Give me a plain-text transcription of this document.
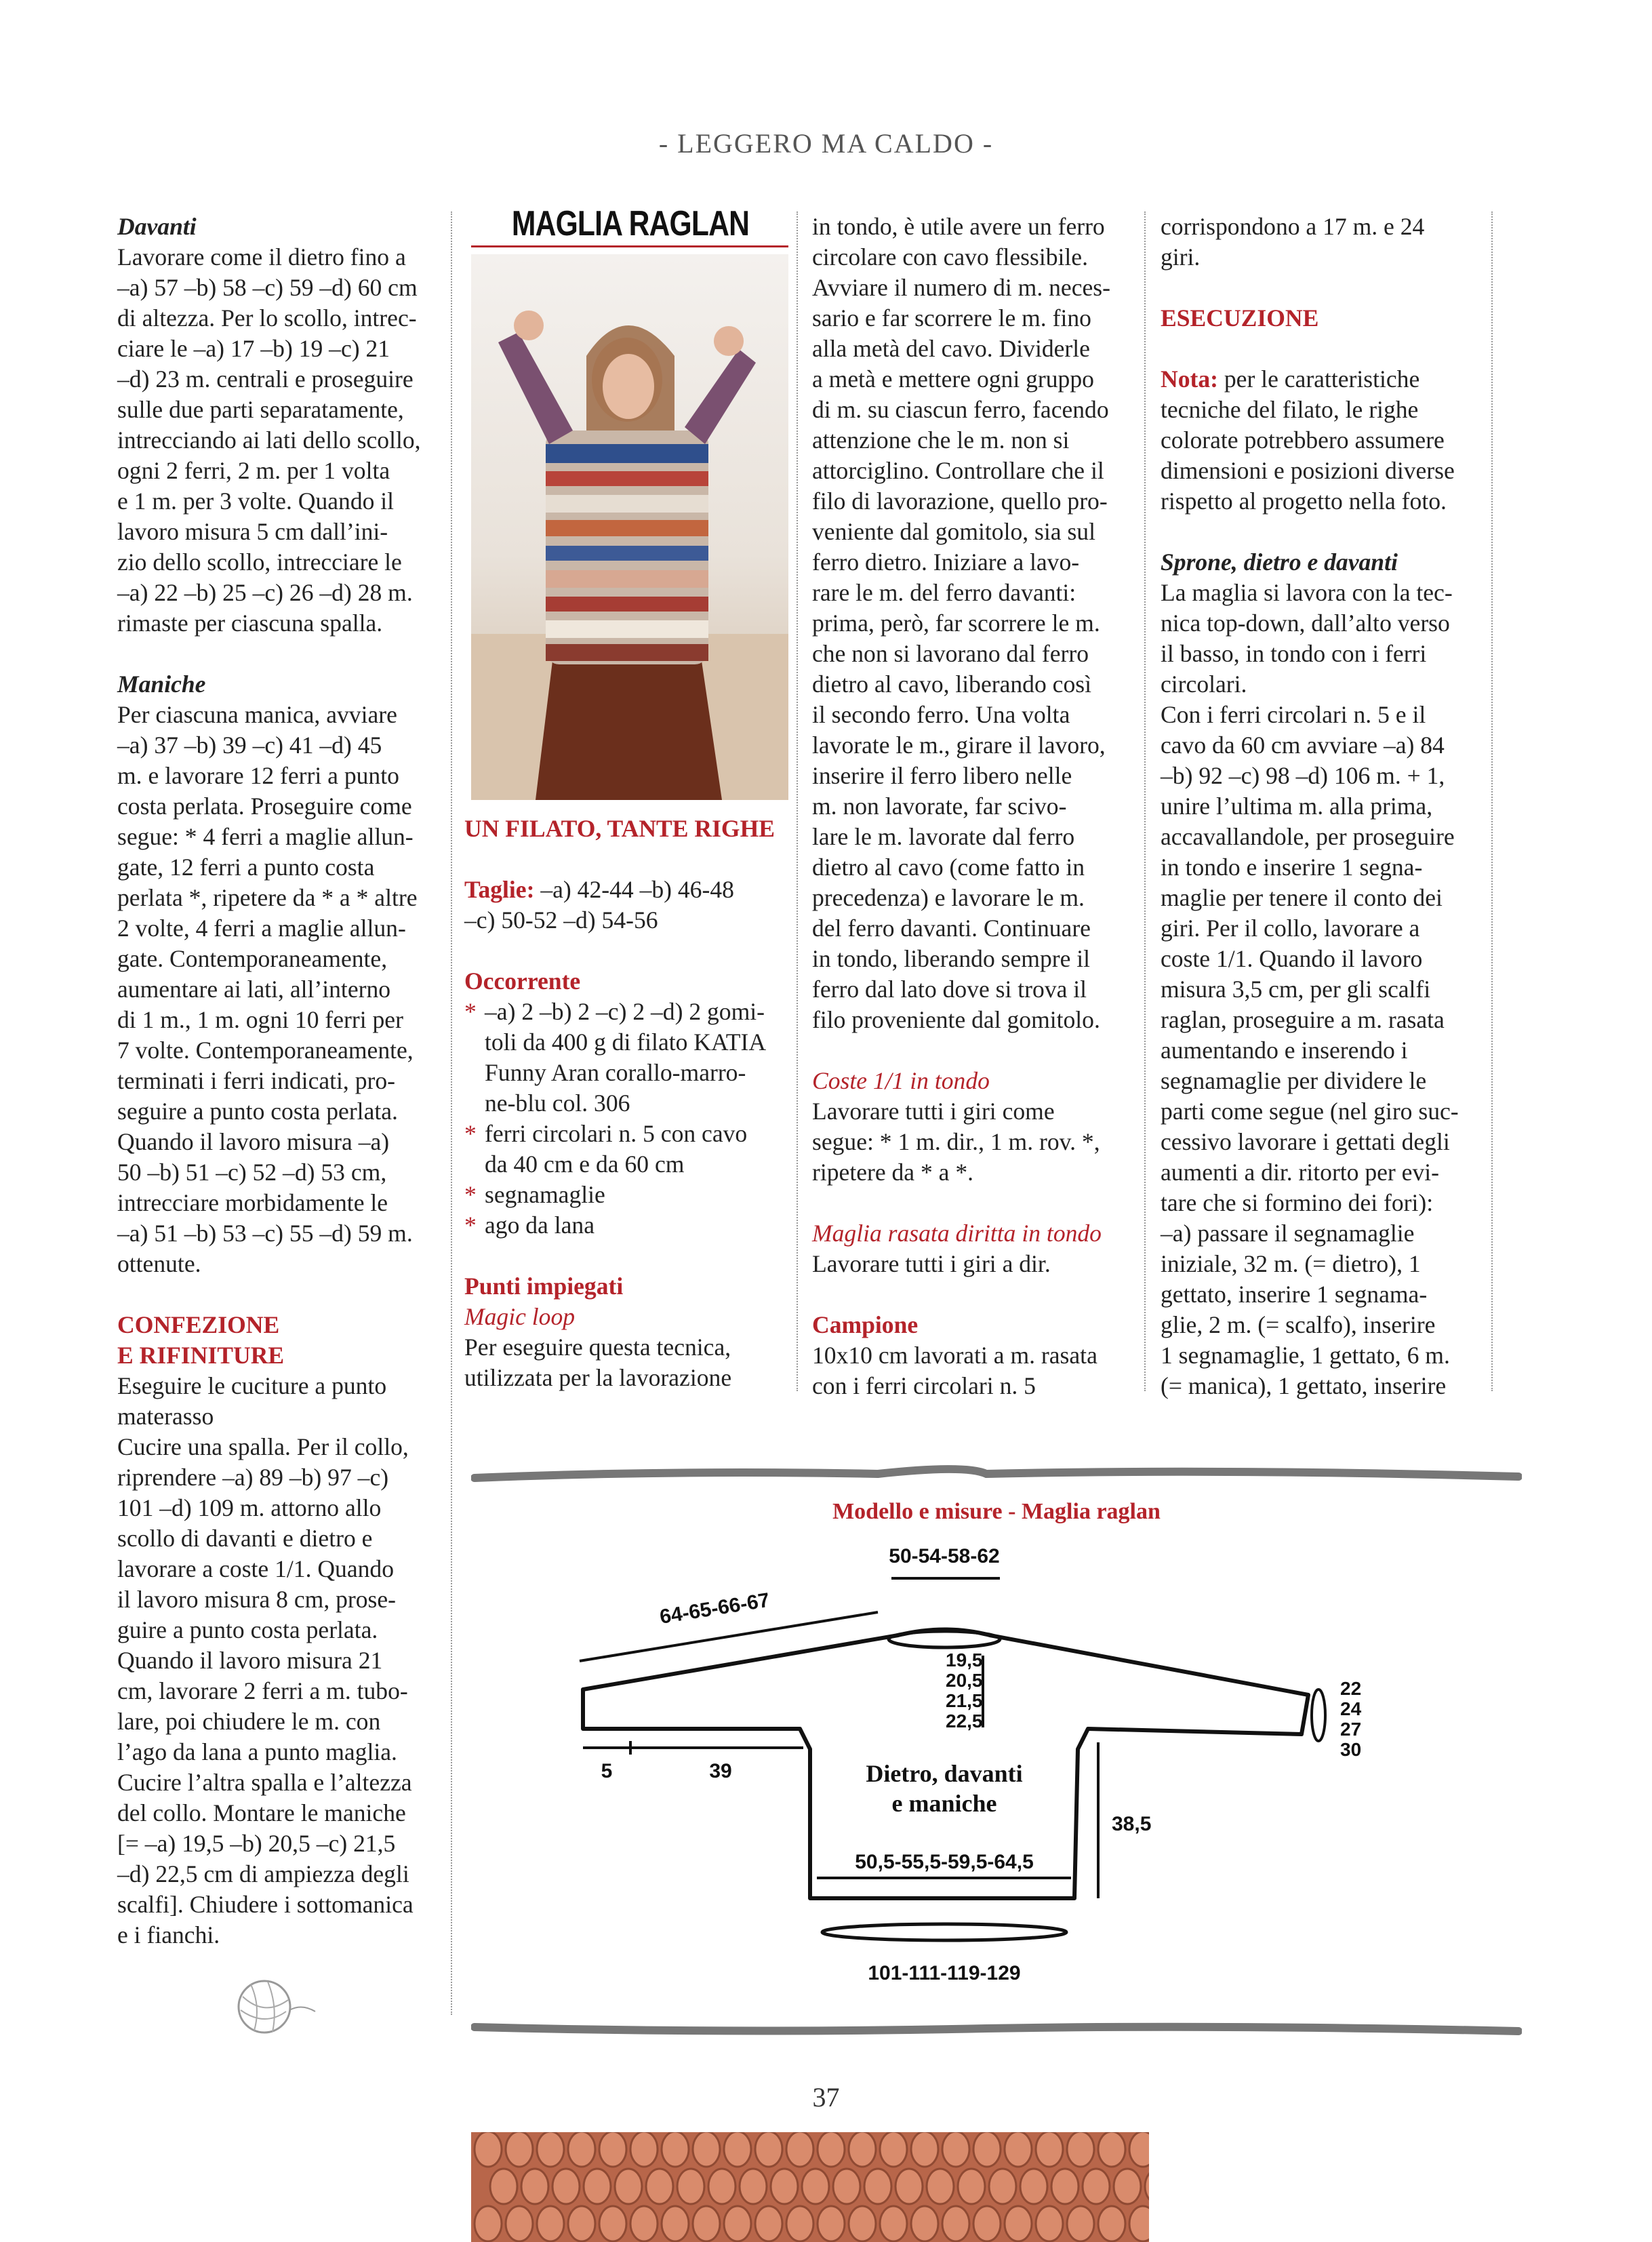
- LEGGERO MA CALDO -

Davanti

Lavorare come il dietro fino a

–a) 57 –b) 58 –c) 59 –d) 60 cm

di altezza. Per lo scollo, intrec-

ciare le –a) 17 –b) 19 –c) 21

–d) 23 m. centrali e proseguire

sulle due parti separatamente,

intrecciando ai lati dello scollo,

ogni 2 ferri, 2 m. per 1 volta

e 1 m. per 3 volte. Quando il

lavoro misura 5 cm dall’ini-

zio dello scollo, intrecciare le

–a) 22 –b) 25 –c) 26 –d) 28 m.

rimaste per ciascuna spalla.

Maniche

Per ciascuna manica, avviare

–a) 37 –b) 39 –c) 41 –d) 45

m. e lavorare 12 ferri a punto

costa perlata. Proseguire come

segue: * 4 ferri a maglie allun-

gate, 12 ferri a punto costa

perlata *, ripetere da * a * altre

2 volte, 4 ferri a maglie allun-

gate. Contemporaneamente,

aumentare ai lati, all’interno

di 1 m., 1 m. ogni 10 ferri per

7 volte. Contemporaneamente,

terminati i ferri indicati, pro-

seguire a punto costa perlata.

Quando il lavoro misura –a)

50 –b) 51 –c) 52 –d) 53 cm,

intrecciare morbidamente le

–a) 51 –b) 53 –c) 55 –d) 59 m.

ottenute.

CONFEZIONE

E RIFINITURE

Eseguire le cuciture a punto

materasso

Cucire una spalla. Per il collo,

riprendere –a) 89 –b) 97 –c)

101 –d) 109 m. attorno allo

scollo di davanti e dietro e

lavorare a coste 1/1. Quando

il lavoro misura 8 cm, prose-

guire a punto costa perlata.

Quando il lavoro misura 21

cm, lavorare 2 ferri a m. tubo-

lare, poi chiudere le m. con

l’ago da lana a punto maglia.

Cucire l’altra spalla e l’altezza

del collo. Montare le maniche

[= –a) 19,5 –b) 20,5 –c) 21,5

–d) 22,5 cm di ampiezza degli

scalfi]. Chiudere i sottomanica

e i fianchi.

MAGLIA RAGLAN

UN FILATO, TANTE RIGHE

Taglie: –a) 42-44 –b) 46-48

–c) 50-52 –d) 54-56

Occorrente

*–a) 2 –b) 2 –c) 2 –d) 2 gomi-

toli da 400 g di filato KATIA

Funny Aran corallo-marro-

ne-blu col. 306

*ferri circolari n. 5 con cavo

da 40 cm e da 60 cm

*segnamaglie

*ago da lana

Punti impiegati

Magic loop

Per eseguire questa tecnica,

utilizzata per la lavorazione

in tondo, è utile avere un ferro

circolare con cavo flessibile.

Avviare il numero di m. neces-

sario e far scorrere le m. fino

alla metà del cavo. Dividerle

a metà e mettere ogni gruppo

di m. su ciascun ferro, facendo

attenzione che le m. non si

attorciglino. Controllare che il

filo di lavorazione, quello pro-

veniente dal gomitolo, sia sul

ferro dietro. Iniziare a lavo-

rare le m. del ferro davanti:

prima, però, far scorrere le m.

che non si lavorano dal ferro

dietro al cavo, liberando così

il secondo ferro. Una volta

lavorate le m., girare il lavoro,

inserire il ferro libero nelle

m. non lavorate, far scivo-

lare le m. lavorate dal ferro

dietro al cavo (come fatto in

precedenza) e lavorare le m.

del ferro davanti. Continuare

in tondo, liberando sempre il

ferro dal lato dove si trova il

filo proveniente dal gomitolo.

Coste 1/1 in tondo

Lavorare tutti i giri come

segue: * 1 m. dir., 1 m. rov. *,

ripetere da * a *.

Maglia rasata diritta in tondo

Lavorare tutti i giri a dir.

Campione

10x10 cm lavorati a m. rasata

con i ferri circolari n. 5

corrispondono a 17 m. e 24

giri.

ESECUZIONE

Nota: per le caratteristiche

tecniche del filato, le righe

colorate potrebbero assumere

dimensioni e posizioni diverse

rispetto al progetto nella foto.

Sprone, dietro e davanti

La maglia si lavora con la tec-

nica top-down, dall’alto verso

il basso, in tondo con i ferri

circolari.

Con i ferri circolari n. 5 e il

cavo da 60 cm avviare –a) 84

–b) 92 –c) 98 –d) 106 m. + 1,

unire l’ultima m. alla prima,

accavallandole, per proseguire

in tondo e inserire 1 segna-

maglie per tenere il conto dei

giri. Per il collo, lavorare a

coste 1/1. Quando il lavoro

misura 3,5 cm, per gli scalfi

raglan, proseguire a m. rasata

aumentando e inserendo i

segnamaglie per dividere le

parti come segue (nel giro suc-

cessivo lavorare i gettati degli

aumenti a dir. ritorto per evi-

tare che si formino dei fori):

–a) passare il segnamaglie

iniziale, 32 m. (= dietro), 1

gettato, inserire 1 segnama-

glie, 2 m. (= scalfo), inserire

1 segnamaglie, 1 gettato, 6 m.

(= manica), 1 gettato, inserire

Modello e misure - Maglia raglan
50-54-58-62
64-65-66-67
19,5
20,5
21,5
22,5
22
24
27
30
5	39	Dietro, davanti
e maniche
38,5
50,5-55,5-59,5-64,5
101-111-119-129
37
